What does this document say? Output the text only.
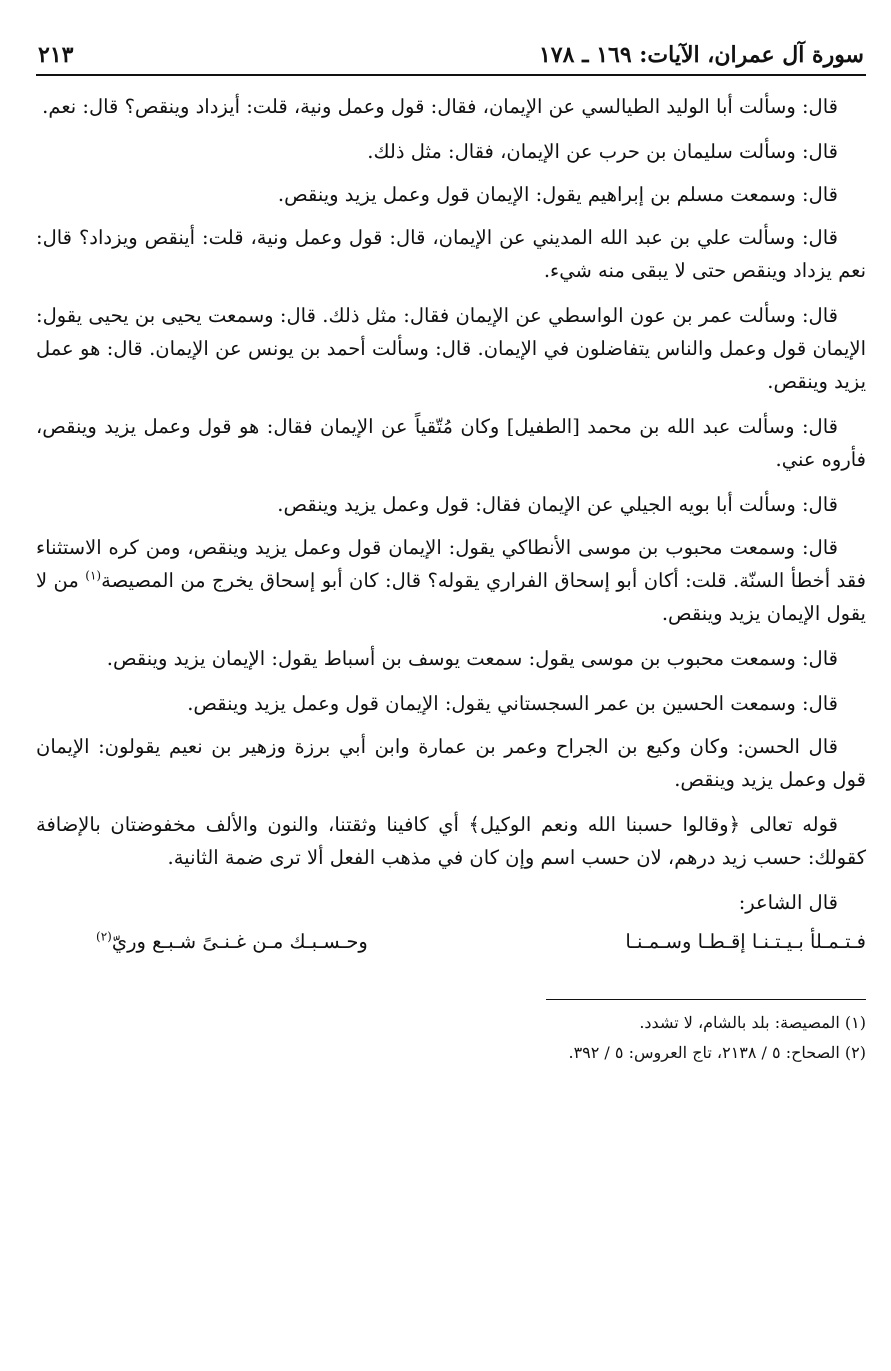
سورة آل عمران، الآيات: ١٦٩ ـ ١٧٨
٢١٣

قال: وسألت أبا الوليد الطيالسي عن الإيمان، فقال: قول وعمل ونية، قلت: أيزداد وينقص؟ قال: نعم.

قال: وسألت سليمان بن حرب عن الإيمان، فقال: مثل ذلك.

قال: وسمعت مسلم بن إبراهيم يقول: الإيمان قول وعمل يزيد وينقص.

قال: وسألت علي بن عبد الله المديني عن الإيمان، قال: قول وعمل ونية، قلت: أينقص ويزداد؟ قال: نعم يزداد وينقص حتى لا يبقى منه شيء.

قال: وسألت عمر بن عون الواسطي عن الإيمان فقال: مثل ذلك. قال: وسمعت يحيى بن يحيى يقول: الإيمان قول وعمل والناس يتفاضلون في الإيمان. قال: وسألت أحمد بن يونس عن الإيمان. قال: هو عمل يزيد وينقص.

قال: وسألت عبد الله بن محمد [الطفيل] وكان مُتّقياً عن الإيمان فقال: هو قول وعمل يزيد وينقص، فأروه عني.

قال: وسألت أبا بويه الجيلي عن الإيمان فقال: قول وعمل يزيد وينقص.

قال: وسمعت محبوب بن موسى الأنطاكي يقول: الإيمان قول وعمل يزيد وينقص، ومن كره الاستثناء فقد أخطأ السنّة. قلت: أكان أبو إسحاق الفراري يقوله؟ قال: كان أبو إسحاق يخرج من المصيصة$^{(١)}$ من لا يقول الإيمان يزيد وينقص.

قال: وسمعت محبوب بن موسى يقول: سمعت يوسف بن أسباط يقول: الإيمان يزيد وينقص.

قال: وسمعت الحسين بن عمر السجستاني يقول: الإيمان قول وعمل يزيد وينقص.

قال الحسن: وكان وكيع بن الجراح وعمر بن عمارة وابن أبي برزة وزهير بن نعيم يقولون: الإيمان قول وعمل يزيد وينقص.

قوله تعالى ﴿وقالوا حسبنا الله ونعم الوكيل﴾ أي كافينا وثقتنا، والنون والألف مخفوضتان بالإضافة كقولك: حسب زيد درهم، لان حسب اسم وإن كان في مذهب الفعل ألا ترى ضمة الثانية.

قال الشاعر:
فـتـمـلأ بـيـتـنـا إقـطـا وسـمـنـا
وحـسـبـك مـن غـنـىً شـبـع وريّ$^{(٢)}$
(١) المصيصة: بلد بالشام، لا تشدد.
(٢) الصحاح: ٥ / ٢١٣٨، تاج العروس: ٥ / ٣٩٢.
